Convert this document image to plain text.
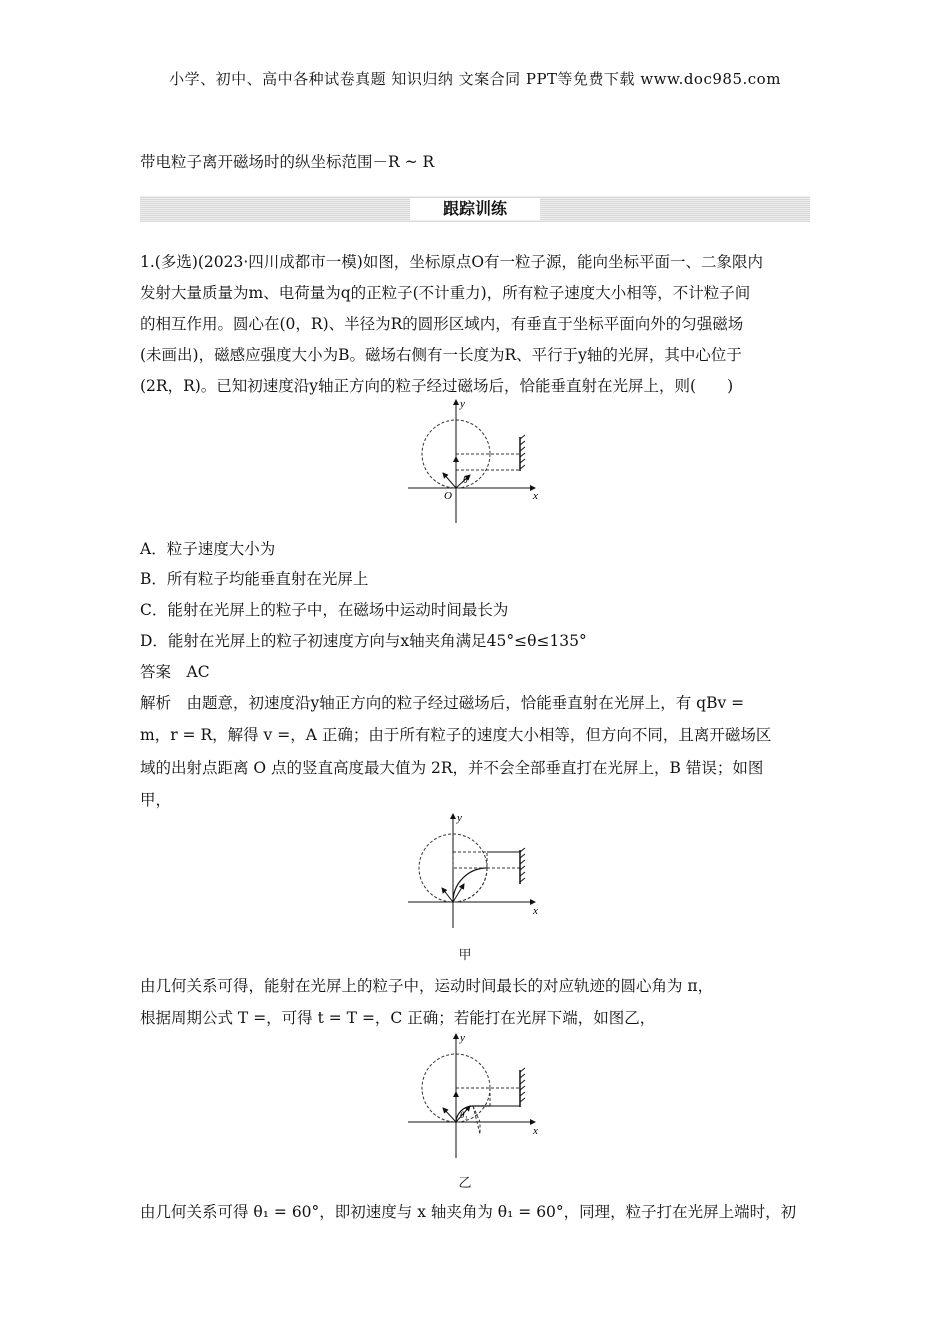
小学、初中、高中各种试卷真题 知识归纳 文案合同 PPT等免费下载 www.doc985.com
带电粒子离开磁场时的纵坐标范围－R ~ R
跟踪训练
1.(多选)(2023·四川成都市一模)如图，坐标原点O有一粒子源，能向坐标平面一、二象限内
发射大量质量为m、电荷量为q的正粒子(不计重力)，所有粒子速度大小相等，不计粒子间
的相互作用。圆心在(0，R)、半径为R的圆形区域内，有垂直于坐标平面向外的匀强磁场
(未画出)，磁感应强度大小为B。磁场右侧有一长度为R、平行于y轴的光屏，其中心位于
(2R，R)。已知初速度沿y轴正方向的粒子经过磁场后，恰能垂直射在光屏上，则(　　)
y
x
O
θ
A．粒子速度大小为
B．所有粒子均能垂直射在光屏上
C．能射在光屏上的粒子中，在磁场中运动时间最长为
D．能射在光屏上的粒子初速度方向与x轴夹角满足45°≤θ≤135°
答案　AC
解析　由题意，初速度沿y轴正方向的粒子经过磁场后，恰能垂直射在光屏上，有 qBv =
m，r = R，解得 v =，A 正确；由于所有粒子的速度大小相等，但方向不同，且离开磁场区
域的出射点距离 O 点的竖直高度最大值为 2R，并不会全部垂直打在光屏上，B 错误；如图
甲，
y
x
甲
由几何关系可得，能射在光屏上的粒子中，运动时间最长的对应轨迹的圆心角为 π，
根据周期公式 T =，可得 t = T =，C 正确；若能打在光屏下端，如图乙，
y
x
θ₁
乙
由几何关系可得 θ₁ = 60°，即初速度与 x 轴夹角为 θ₁ = 60°，同理，粒子打在光屏上端时，初
